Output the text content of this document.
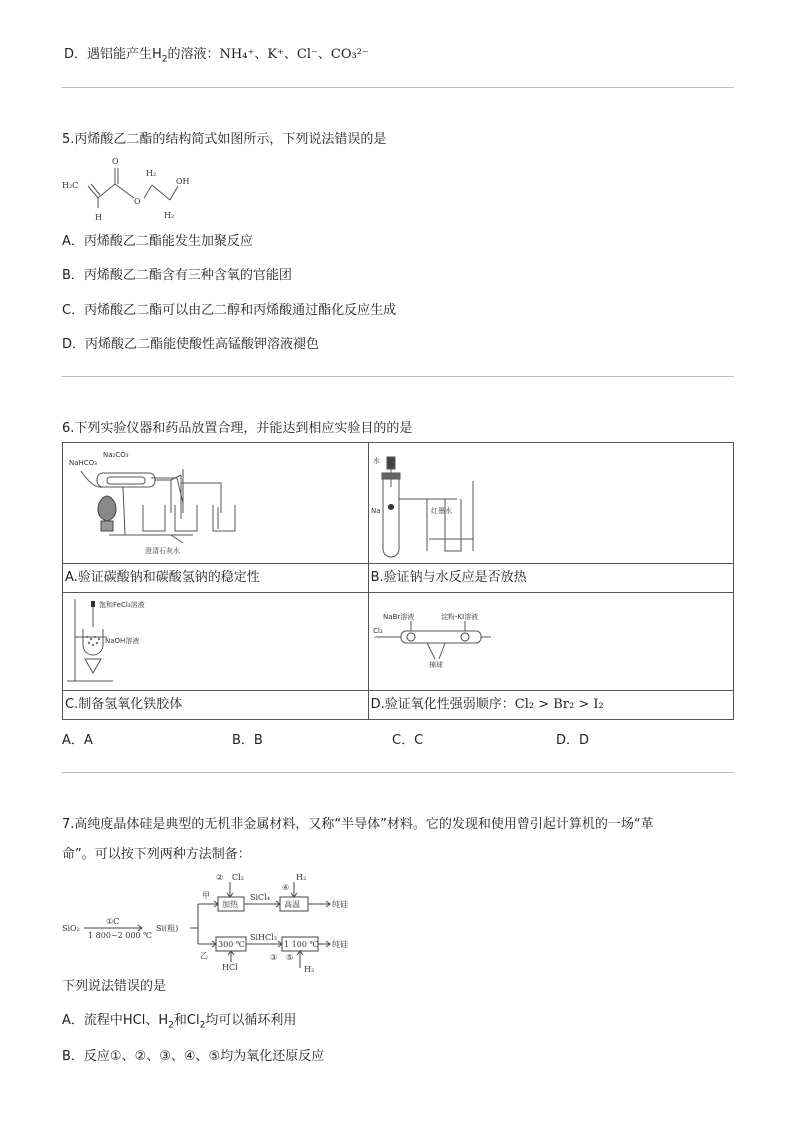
D．遇铝能产生$H_2$的溶液：NH₄⁺、K⁺、Cl⁻、CO₃²⁻
5.丙烯酸乙二酯的结构简式如图所示，下列说法错误的是
H₂C
O
H
O
H₂
OH
H₂
A．丙烯酸乙二酯能发生加聚反应
B．丙烯酸乙二酯含有三种含氧的官能团
C．丙烯酸乙二酯可以由乙二醇和丙烯酸通过酯化反应生成
D．丙烯酸乙二酯能使酸性高锰酸钾溶液褪色
6.下列实验仪器和药品放置合理，并能达到相应实验目的的是
NaHCO₃
Na₂CO₃
澄清石灰水	水
Na 红墨水

A.验证碳酸钠和碳酸氢钠的稳定性	B.验证钠与水反应是否放热

饱和FeCl₃溶液
NaOH溶液	NaBr溶液 淀粉-KI溶液
Cl₂
棉球

C.制备氢氧化铁胶体	D.验证氧化性强弱顺序：Cl₂ > Br₂ > I₂
A．A	B．B	C．C	D．D
7.高纯度晶体硅是典型的无机非金属材料，又称“半导体”材料。它的发现和使用曾引起计算机的一场“革
命”。可以按下列两种方法制备：
SiO₂
①C
1 800~2 000 ℃
Si(粗)
甲
乙
② Cl₂
加热
SiCl₄
高温
④
H₂
纯硅
300 ℃
SiHCl₃
1 100 ℃
③ ⑤
HCl	H₂
纯硅
下列说法错误的是
A．流程中HCl、$H_2$和$Cl_2$均可以循环利用
B．反应①、②、③、④、⑤均为氧化还原反应
